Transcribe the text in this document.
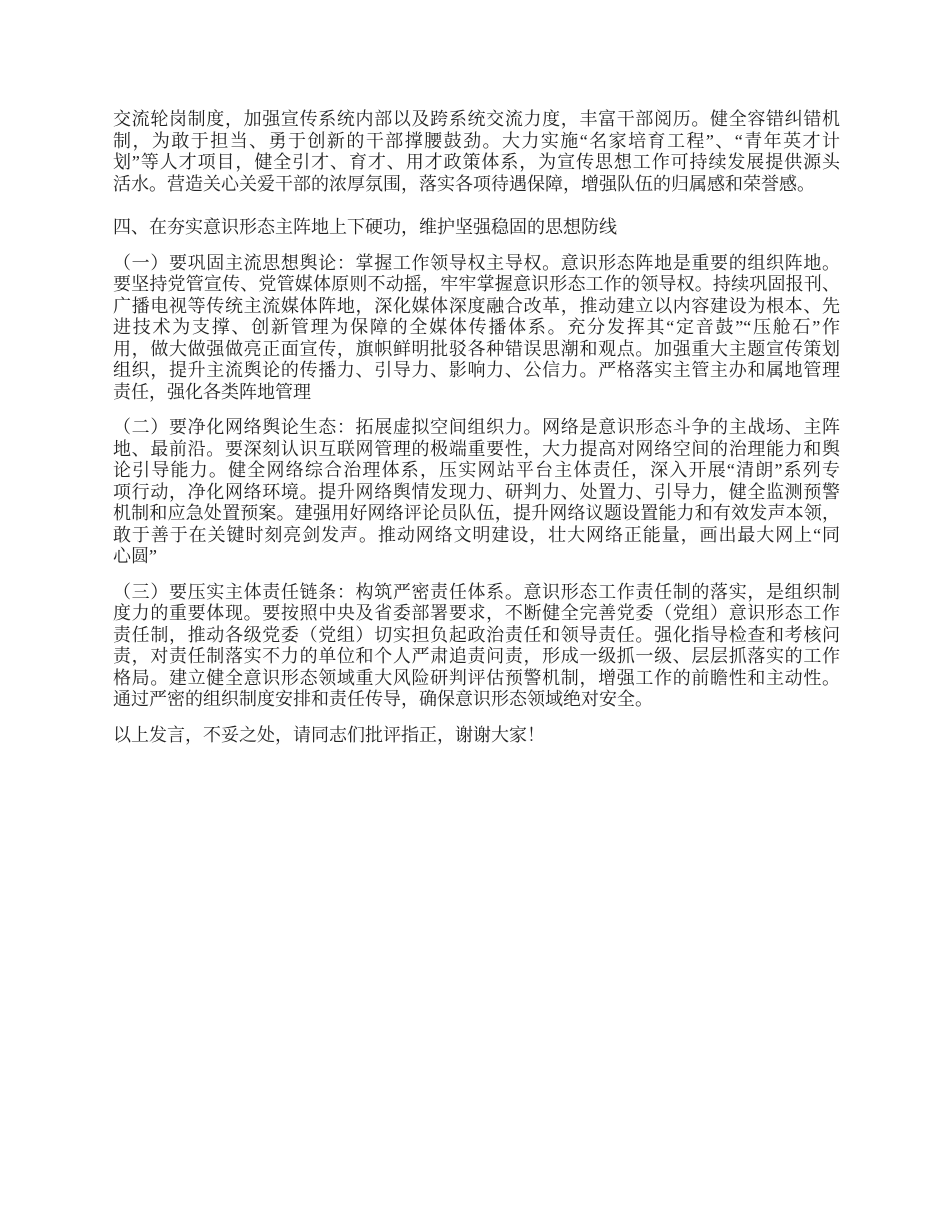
交流轮岗制度，加强宣传系统内部以及跨系统交流力度，丰富干部阅历。健全容错纠错机
制，为敢于担当、勇于创新的干部撑腰鼓劲。大力实施“名家培育工程”、“青年英才计
划”等人才项目，健全引才、育才、用才政策体系，为宣传思想工作可持续发展提供源头
活水。营造关心关爱干部的浓厚氛围，落实各项待遇保障，增强队伍的归属感和荣誉感。
四、在夯实意识形态主阵地上下硬功，维护坚强稳固的思想防线
（一）要巩固主流思想舆论：掌握工作领导权主导权。意识形态阵地是重要的组织阵地。
要坚持党管宣传、党管媒体原则不动摇，牢牢掌握意识形态工作的领导权。持续巩固报刊、
广播电视等传统主流媒体阵地，深化媒体深度融合改革，推动建立以内容建设为根本、先
进技术为支撑、创新管理为保障的全媒体传播体系。充分发挥其“定音鼓”“压舱石”作
用，做大做强做亮正面宣传，旗帜鲜明批驳各种错误思潮和观点。加强重大主题宣传策划
组织，提升主流舆论的传播力、引导力、影响力、公信力。严格落实主管主办和属地管理
责任，强化各类阵地管理
（二）要净化网络舆论生态：拓展虚拟空间组织力。网络是意识形态斗争的主战场、主阵
地、最前沿。要深刻认识互联网管理的极端重要性，大力提高对网络空间的治理能力和舆
论引导能力。健全网络综合治理体系，压实网站平台主体责任，深入开展“清朗”系列专
项行动，净化网络环境。提升网络舆情发现力、研判力、处置力、引导力，健全监测预警
机制和应急处置预案。建强用好网络评论员队伍，提升网络议题设置能力和有效发声本领，
敢于善于在关键时刻亮剑发声。推动网络文明建设，壮大网络正能量，画出最大网上“同
心圆”
（三）要压实主体责任链条：构筑严密责任体系。意识形态工作责任制的落实，是组织制
度力的重要体现。要按照中央及省委部署要求，不断健全完善党委（党组）意识形态工作
责任制，推动各级党委（党组）切实担负起政治责任和领导责任。强化指导检查和考核问
责，对责任制落实不力的单位和个人严肃追责问责，形成一级抓一级、层层抓落实的工作
格局。建立健全意识形态领域重大风险研判评估预警机制，增强工作的前瞻性和主动性。
通过严密的组织制度安排和责任传导，确保意识形态领域绝对安全。
以上发言，不妥之处，请同志们批评指正，谢谢大家！
